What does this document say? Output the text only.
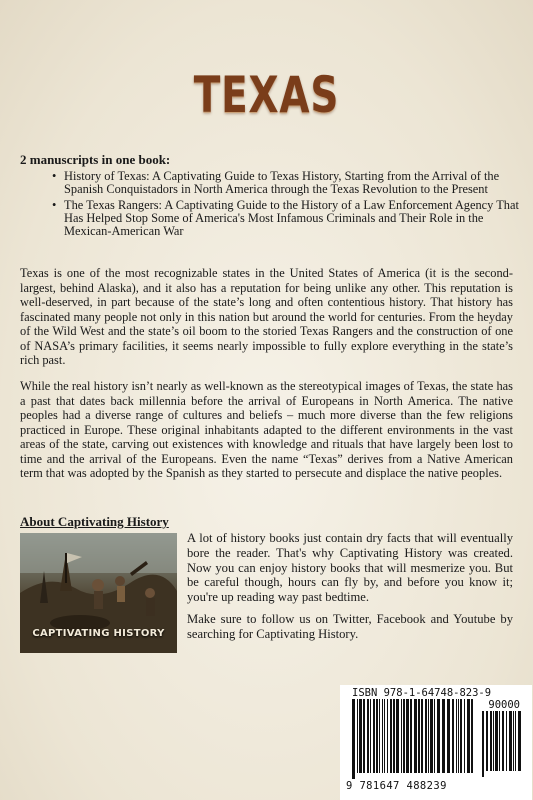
TEXAS
2 manuscripts in one book:
• History of Texas: A Captivating Guide to Texas History, Starting from the Arrival of the Spanish Conquistadors in North America through the Texas Revolution to the Present
• The Texas Rangers: A Captivating Guide to the History of a Law Enforcement Agency That Has Helped Stop Some of America's Most Infamous Criminals and Their Role in the Mexican-American War

Texas is one of the most recognizable states in the United States of America (it is the second-largest, behind Alaska), and it also has a reputation for being unlike any other. This reputation is well-deserved, in part because of the state’s long and often contentious history. That history has fascinated many people not only in this nation but around the world for centuries. From the heyday of the Wild West and the state’s oil boom to the storied Texas Rangers and the construction of one of NASA’s primary facilities, it seems nearly impossible to fully explore everything in the state’s rich past.

While the real history isn’t nearly as well-known as the stereotypical images of Texas, the state has a past that dates back millennia before the arrival of Europeans in North America. The native peoples had a diverse range of cultures and beliefs – much more diverse than the few religions practiced in Europe. These original inhabitants adapted to the different environments in the vast areas of the state, carving out existences with knowledge and rituals that have largely been lost to time and the arrival of the Europeans. Even the name “Texas” derives from a Native American term that was adopted by the Spanish as they started to persecute and displace the native peoples.

About Captivating History
CAPTIVATING HISTORY

A lot of history books just contain dry facts that will eventually bore the reader. That's why Captivating History was created. Now you can enjoy history books that will mesmerize you. But be careful though, hours can fly by, and before you know it; you're up reading way past bedtime.

Make sure to follow us on Twitter, Facebook and Youtube by searching for Captivating History.

ISBN 978-1-64748-823-9
90000
9 781647 488239
